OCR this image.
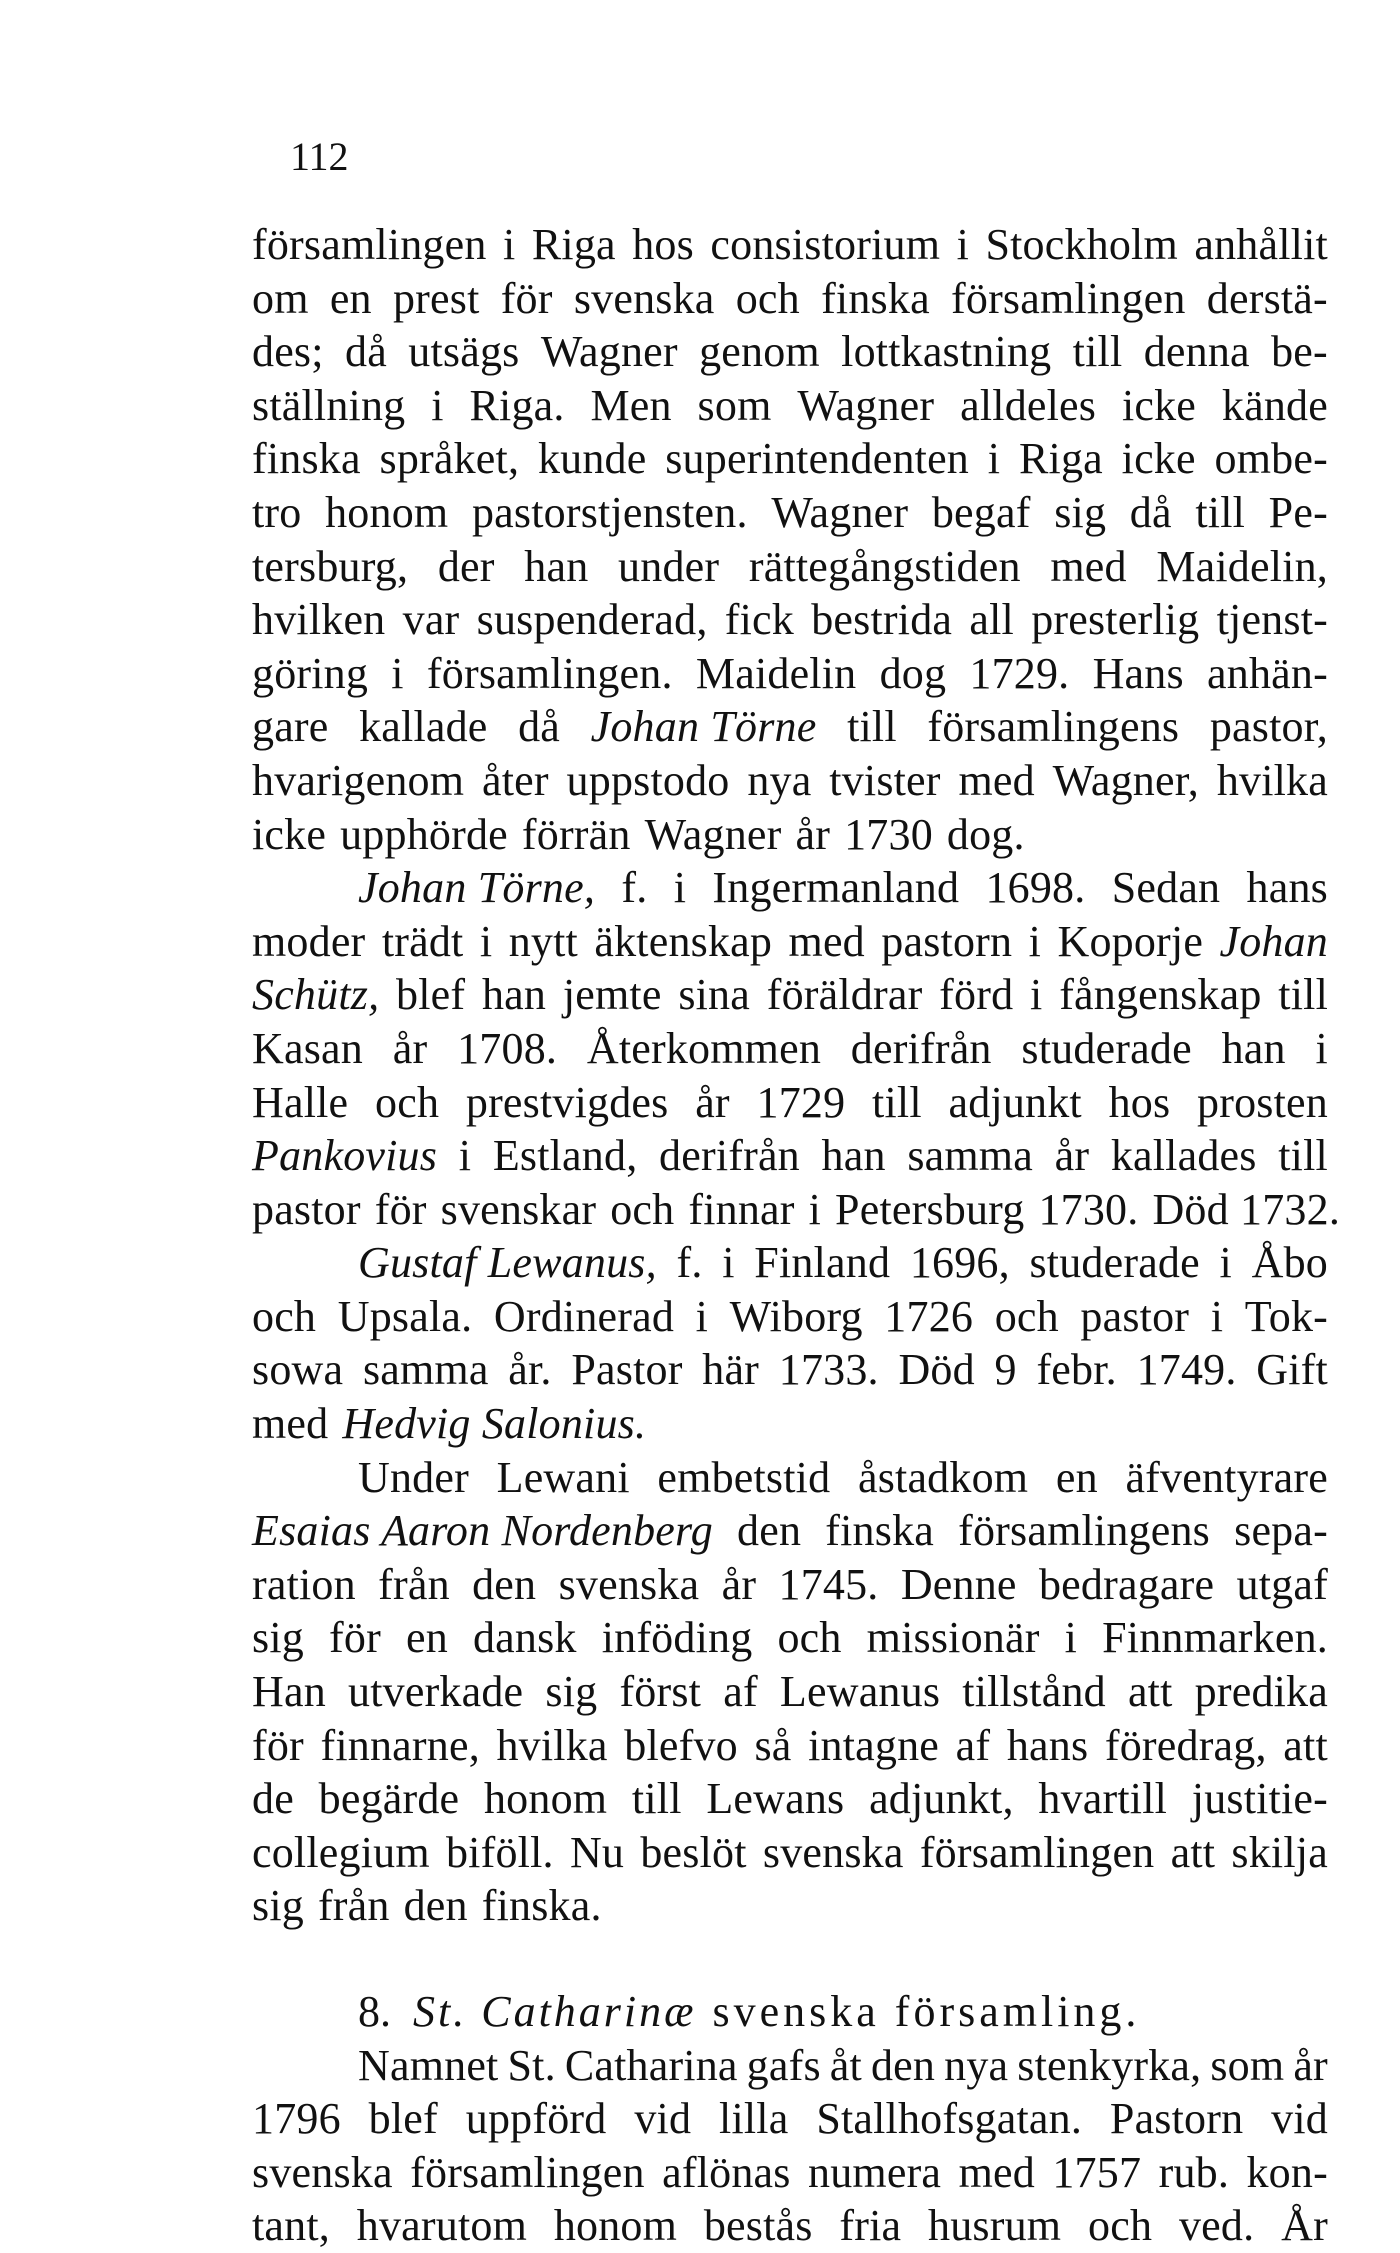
112
församlingen i Riga hos consistorium i Stockholm anhållit
om en prest för svenska och finska församlingen derstä-
des; då utsägs Wagner genom lottkastning till denna be-
ställning i Riga. Men som Wagner alldeles icke kände
finska språket, kunde superintendenten i Riga icke ombe-
tro honom pastorstjensten. Wagner begaf sig då till Pe-
tersburg, der han under rättegångstiden med Maidelin,
hvilken var suspenderad, fick bestrida all presterlig tjenst-
göring i församlingen. Maidelin dog 1729. Hans anhän-
gare kallade då Johan Törne till församlingens pastor,
hvarigenom åter uppstodo nya tvister med Wagner, hvilka
icke upphörde förrän Wagner år 1730 dog.
Johan Törne, f. i Ingermanland 1698. Sedan hans
moder trädt i nytt äktenskap med pastorn i Koporje Johan
Schütz, blef han jemte sina föräldrar förd i fångenskap till
Kasan år 1708. Återkommen derifrån studerade han i
Halle och prestvigdes år 1729 till adjunkt hos prosten
Pankovius i Estland, derifrån han samma år kallades till
pastor för svenskar och finnar i Petersburg 1730. Död 1732.
Gustaf Lewanus, f. i Finland 1696, studerade i Åbo
och Upsala. Ordinerad i Wiborg 1726 och pastor i Tok-
sowa samma år. Pastor här 1733. Död 9 febr. 1749. Gift
med Hedvig Salonius.
Under Lewani embetstid åstadkom en äfventyrare
Esaias Aaron Nordenberg den finska församlingens sepa-
ration från den svenska år 1745. Denne bedragare utgaf
sig för en dansk inföding och missionär i Finnmarken.
Han utverkade sig först af Lewanus tillstånd att predika
för finnarne, hvilka blefvo så intagne af hans föredrag, att
de begärde honom till Lewans adjunkt, hvartill justitie-
collegium biföll. Nu beslöt svenska församlingen att skilja
sig från den finska.
8. St. Catharinæ svenska församling.
Namnet St. Catharina gafs åt den nya stenkyrka, som år
1796 blef uppförd vid lilla Stallhofsgatan. Pastorn vid
svenska församlingen aflönas numera med 1757 rub. kon-
tant, hvarutom honom bestås fria husrum och ved. År
